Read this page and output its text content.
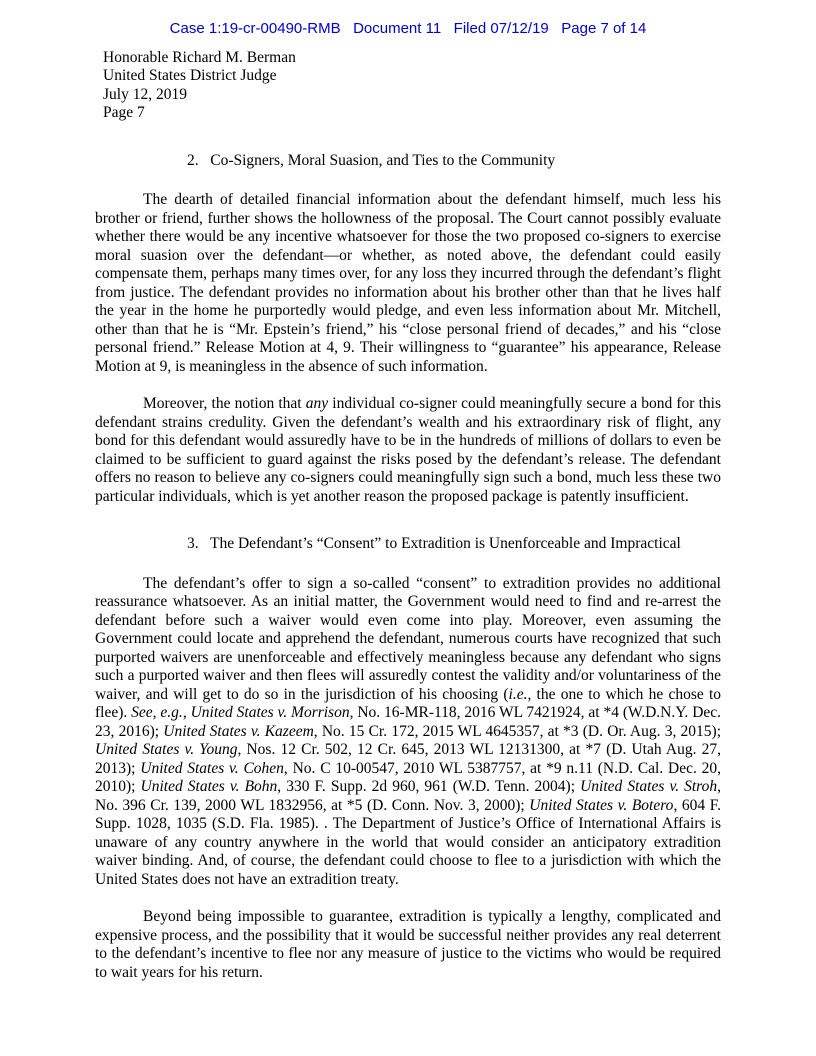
Case 1:19-cr-00490-RMB   Document 11   Filed 07/12/19   Page 7 of 14
Honorable Richard M. Berman
United States District Judge
July 12, 2019
Page 7
2.   Co-Signers, Moral Suasion, and Ties to the Community

The dearth of detailed financial information about the defendant himself, much less his brother or friend, further shows the hollowness of the proposal. The Court cannot possibly evaluate whether there would be any incentive whatsoever for those the two proposed co-signers to exercise moral suasion over the defendant—or whether, as noted above, the defendant could easily compensate them, perhaps many times over, for any loss they incurred through the defendant’s flight from justice. The defendant provides no information about his brother other than that he lives half the year in the home he purportedly would pledge, and even less information about Mr. Mitchell, other than that he is “Mr. Epstein’s friend,” his “close personal friend of decades,” and his “close personal friend.” Release Motion at 4, 9. Their willingness to “guarantee” his appearance, Release Motion at 9, is meaningless in the absence of such information.

Moreover, the notion that any individual co-signer could meaningfully secure a bond for this defendant strains credulity. Given the defendant’s wealth and his extraordinary risk of flight, any bond for this defendant would assuredly have to be in the hundreds of millions of dollars to even be claimed to be sufficient to guard against the risks posed by the defendant’s release. The defendant offers no reason to believe any co-signers could meaningfully sign such a bond, much less these two particular individuals, which is yet another reason the proposed package is patently insufficient.

3.   The Defendant’s “Consent” to Extradition is Unenforceable and Impractical

The defendant’s offer to sign a so-called “consent” to extradition provides no additional reassurance whatsoever. As an initial matter, the Government would need to find and re-arrest the defendant before such a waiver would even come into play. Moreover, even assuming the Government could locate and apprehend the defendant, numerous courts have recognized that such purported waivers are unenforceable and effectively meaningless because any defendant who signs such a purported waiver and then flees will assuredly contest the validity and/or voluntariness of the waiver, and will get to do so in the jurisdiction of his choosing (i.e., the one to which he chose to flee). See, e.g., United States v. Morrison, No. 16-MR-118, 2016 WL 7421924, at *4 (W.D.N.Y. Dec. 23, 2016); United States v. Kazeem, No. 15 Cr. 172, 2015 WL 4645357, at *3 (D. Or. Aug. 3, 2015); United States v. Young, Nos. 12 Cr. 502, 12 Cr. 645, 2013 WL 12131300, at *7 (D. Utah Aug. 27, 2013); United States v. Cohen, No. C 10-00547, 2010 WL 5387757, at *9 n.11 (N.D. Cal. Dec. 20, 2010); United States v. Bohn, 330 F. Supp. 2d 960, 961 (W.D. Tenn. 2004); United States v. Stroh, No. 396 Cr. 139, 2000 WL 1832956, at *5 (D. Conn. Nov. 3, 2000); United States v. Botero, 604 F. Supp. 1028, 1035 (S.D. Fla. 1985). . The Department of Justice’s Office of International Affairs is unaware of any country anywhere in the world that would consider an anticipatory extradition waiver binding. And, of course, the defendant could choose to flee to a jurisdiction with which the United States does not have an extradition treaty.

Beyond being impossible to guarantee, extradition is typically a lengthy, complicated and expensive process, and the possibility that it would be successful neither provides any real deterrent to the defendant’s incentive to flee nor any measure of justice to the victims who would be required to wait years for his return.
